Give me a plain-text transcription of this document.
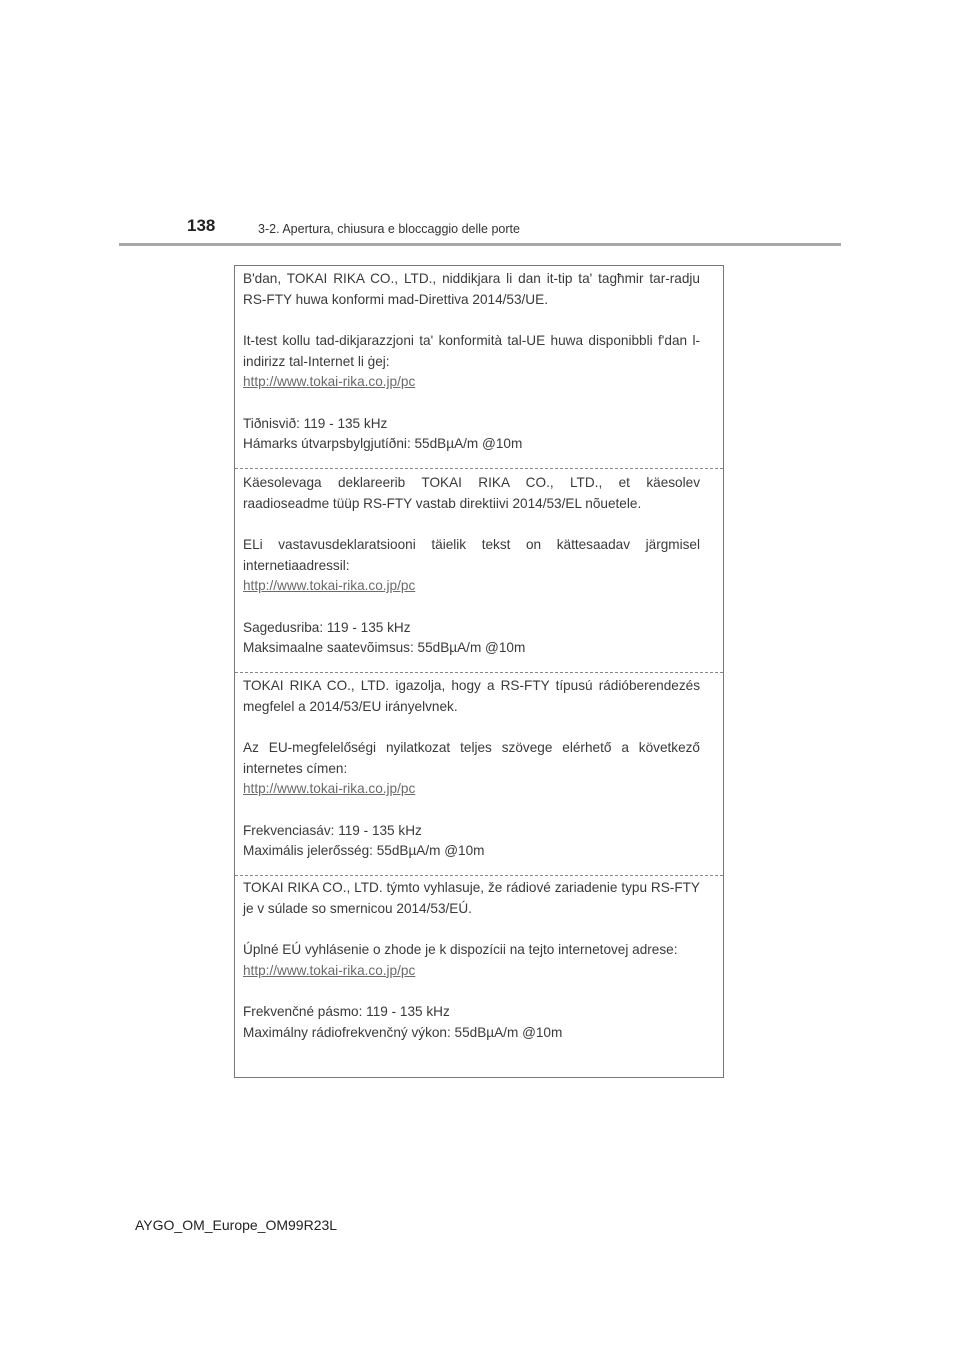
138	3-2. Apertura, chiusura e bloccaggio delle porte

B'dan, TOKAI RIKA CO., LTD., niddikjara li dan it-tip ta' tagħmir tar-radju RS-FTY huwa konformi mad-Direttiva 2014/53/UE.

It-test kollu tad-dikjarazzjoni ta' konformità tal-UE huwa disponibbli f'dan l-indirizz tal-Internet li ġej:

http://www.tokai-rika.co.jp/pc

Tiðnisvið: 119 - 135 kHz

Hámarks útvarpsbylgjutíðni: 55dBµA/m @10m

Käesolevaga deklareerib TOKAI RIKA CO., LTD., et käesolev raadioseadme tüüp RS-FTY vastab direktiivi 2014/53/EL nõuetele.

ELi vastavusdeklaratsiooni täielik tekst on kättesaadav järgmisel internetiaadressil:

http://www.tokai-rika.co.jp/pc

Sagedusriba: 119 - 135 kHz

Maksimaalne saatevõimsus: 55dBµA/m @10m

TOKAI RIKA CO., LTD. igazolja, hogy a RS-FTY típusú rádióberendezés megfelel a 2014/53/EU irányelvnek.

Az EU-megfelelőségi nyilatkozat teljes szövege elérhető a következő internetes címen:

http://www.tokai-rika.co.jp/pc

Frekvenciasáv: 119 - 135 kHz

Maximális jelerősség: 55dBµA/m @10m

TOKAI RIKA CO., LTD. týmto vyhlasuje, že rádiové zariadenie typu RS-FTY je v súlade so smernicou 2014/53/EÚ.

Úplné EÚ vyhlásenie o zhode je k dispozícii na tejto internetovej adrese:

http://www.tokai-rika.co.jp/pc

Frekvenčné pásmo: 119 - 135 kHz

Maximálny rádiofrekvenčný výkon: 55dBµA/m @10m

AYGO_OM_Europe_OM99R23L
